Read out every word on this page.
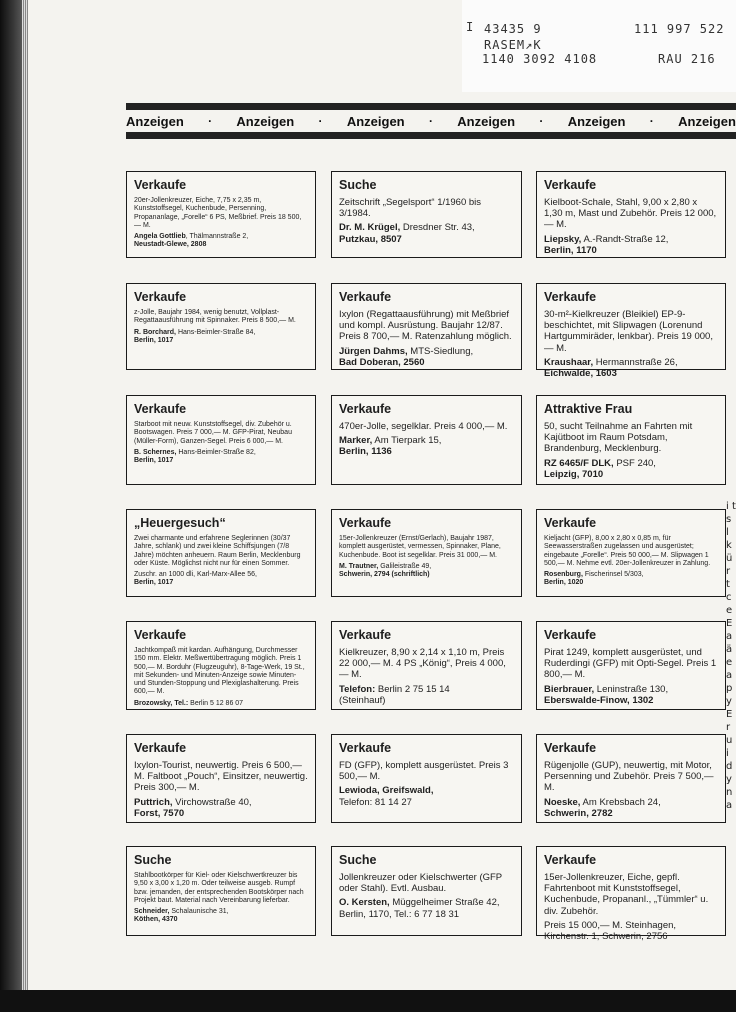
I 43435 9	111 997 522
RASEM↗K
1140 3092 4108	RAU 216
Anzeigen · Anzeigen · Anzeigen · Anzeigen · Anzeigen · Anzeigen
Verkaufe

20er-Jollenkreuzer, Eiche, 7,75 x 2,35 m, Kunststoffsegel, Kuchenbude, Persenning, Propananlage, „Forelle“ 6 PS, Meßbrief. Preis 18 500,— M.

Angela Gottlieb, Thälmannstraße 2,
Neustadt-Glewe, 2808
Suche

Zeitschrift „Segelsport“ 1/1960 bis 3/1984.

Dr. M. Krügel, Dresdner Str. 43,
Putzkau, 8507
Verkaufe

Kielboot-Schale, Stahl, 9,00 x 2,80 x 1,30 m, Mast und Zubehör. Preis 12 000,— M.

Liepsky, A.-Randt-Straße 12,
Berlin, 1170
Verkaufe

z-Jolle, Baujahr 1984, wenig benutzt, Vollplast-Regattaausführung mit Spinnaker. Preis 8 500,— M.

R. Borchard, Hans-Beimler-Straße 84,
Berlin, 1017
Verkaufe

Ixylon (Regattaausführung) mit Meßbrief und kompl. Ausrüstung. Baujahr 12/87. Preis 8 700,— M. Ratenzahlung möglich.

Jürgen Dahms, MTS-Siedlung,
Bad Doberan, 2560
Verkaufe

30-m²-Kielkreuzer (Bleikiel) EP-9-beschichtet, mit Slipwagen (Lorenund Hartgummiräder, lenkbar). Preis 19 000,— M.

Kraushaar, Hermannstraße 26,
Eichwalde, 1603
Verkaufe

Starboot mit neuw. Kunststoffsegel, div. Zubehör u. Bootswagen. Preis 7 000,— M. GFP-Pirat, Neubau (Müller-Form), Ganzen-Segel. Preis 6 000,— M.

B. Schernes, Hans-Beimler-Straße 82,
Berlin, 1017
Verkaufe

470er-Jolle, segelklar. Preis 4 000,— M.

Marker, Am Tierpark 15,
Berlin, 1136
Attraktive Frau

50, sucht Teilnahme an Fahrten mit Kajütboot im Raum Potsdam, Brandenburg, Mecklenburg.

RZ 6465/F DLK, PSF 240,
Leipzig, 7010
„Heuergesuch“

Zwei charmante und erfahrene Seglerinnen (30/37 Jahre, schlank) und zwei kleine Schiffsjungen (7/8 Jahre) möchten anheuern. Raum Berlin, Mecklenburg oder Küste. Möglichst nicht nur für einen Sommer.

Zuschr. an 1000 dli, Karl-Marx-Allee 56,
Berlin, 1017
Verkaufe

15er-Jollenkreuzer (Ernst/Gerlach), Baujahr 1987, komplett ausgerüstet, vermessen, Spinnaker, Plane, Kuchenbude. Boot ist segelklar. Preis 31 000,— M.

M. Trautner, Galileistraße 49,
Schwerin, 2794 (schriftlich)
Verkaufe

Kieljacht (GFP), 8,00 x 2,80 x 0,85 m, für Seewasserstraßen zugelassen und ausgerüstet; eingebaute „Forelle“. Preis 50 000,— M. Slipwagen 1 500,— M. Nehme evtl. 20er-Jollenkreuzer in Zahlung.

Rosenburg, Fischerinsel 5/303,
Berlin, 1020
Verkaufe

Jachtkompaß mit kardan. Aufhängung, Durchmesser 150 mm. Elektr. Meßwertübertragung möglich. Preis 1 500,— M. Borduhr (Flugzeuguhr), 8-Tage-Werk, 19 St., mit Sekunden- und Minuten-Anzeige sowie Minuten- und Stunden-Stoppung und Plexiglashalterung. Preis 600,— M.

Brozowsky, Tel.: Berlin 5 12 86 07
Verkaufe

Kielkreuzer, 8,90 x 2,14 x 1,10 m, Preis 22 000,— M. 4 PS „König“, Preis 4 000,— M.

Telefon: Berlin 2 75 15 14
(Steinhauf)
Verkaufe

Pirat 1249, komplett ausgerüstet, und Ruderdingi (GFP) mit Opti-Segel. Preis 1 800,— M.

Bierbrauer, Leninstraße 130,
Eberswalde-Finow, 1302
Verkaufe

Ixylon-Tourist, neuwertig. Preis 6 500,— M. Faltboot „Pouch“, Einsitzer, neuwertig. Preis 300,— M.

Puttrich, Virchowstraße 40,
Forst, 7570
Verkaufe

FD (GFP), komplett ausgerüstet. Preis 3 500,— M.

Lewioda, Greifswald,
Telefon: 81 14 27
Verkaufe

Rügenjolle (GUP), neuwertig, mit Motor, Persenning und Zubehör. Preis 7 500,— M.

Noeske, Am Krebsbach 24,
Schwerin, 2782
Suche

Stahlbootkörper für Kiel- oder Kielschwertkreuzer bis 9,50 x 3,00 x 1,20 m. Oder teilweise ausgeb. Rumpf bzw. jemanden, der entsprechenden Bootskörper nach Projekt baut. Material nach Vereinbarung lieferbar.

Schneider, Schalaunische 31,
Köthen, 4370
Suche

Jollenkreuzer oder Kielschwerter (GFP oder Stahl). Evtl. Ausbau.

O. Kersten, Müggelheimer Straße 42, Berlin, 1170, Tel.: 6 77 18 31
Verkaufe

15er-Jollenkreuzer, Eiche, gepfl. Fahrtenboot mit Kunststoffsegel, Kuchenbude, Propananl., „Tümmler“ u. div. Zubehör.

Preis 15 000,— M. Steinhagen, Kirchenstr. 1, Schwerin, 2756
i t s l k ü r t c e E a ä e a p y E r u i d y n a
